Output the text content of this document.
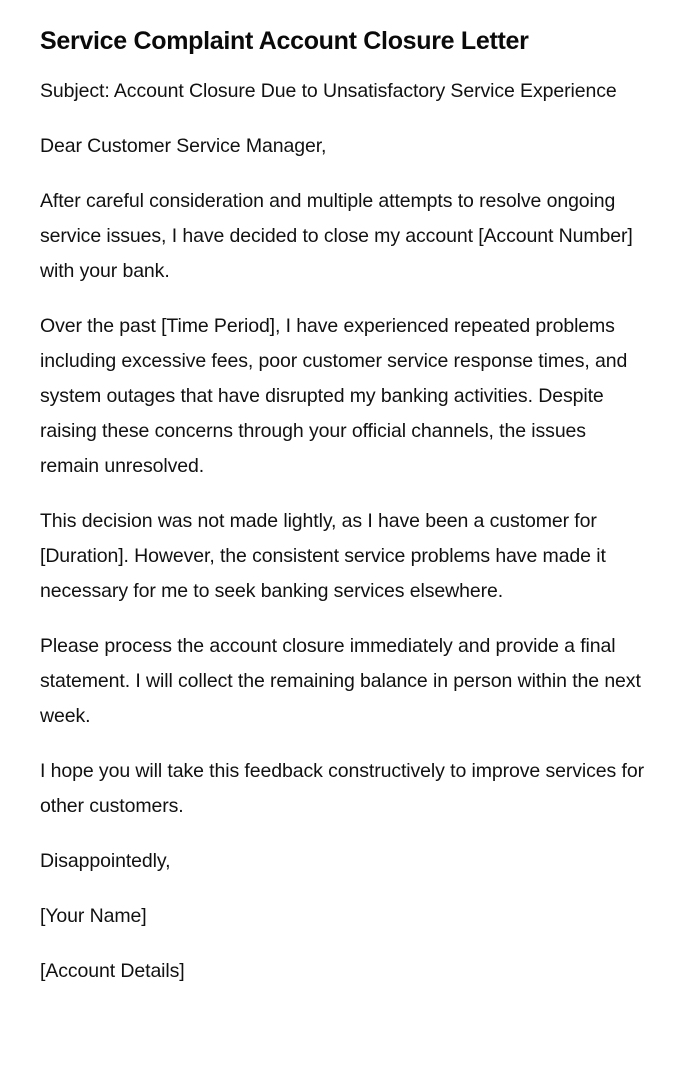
Service Complaint Account Closure Letter

Subject: Account Closure Due to Unsatisfactory Service Experience

Dear Customer Service Manager,

After careful consideration and multiple attempts to resolve ongoing service issues, I have decided to close my account [Account Number] with your bank.

Over the past [Time Period], I have experienced repeated problems including excessive fees, poor customer service response times, and system outages that have disrupted my banking activities. Despite raising these concerns through your official channels, the issues remain unresolved.

This decision was not made lightly, as I have been a customer for [Duration]. However, the consistent service problems have made it necessary for me to seek banking services elsewhere.

Please process the account closure immediately and provide a final statement. I will collect the remaining balance in person within the next week.

I hope you will take this feedback constructively to improve services for other customers.

Disappointedly,

[Your Name]

[Account Details]
